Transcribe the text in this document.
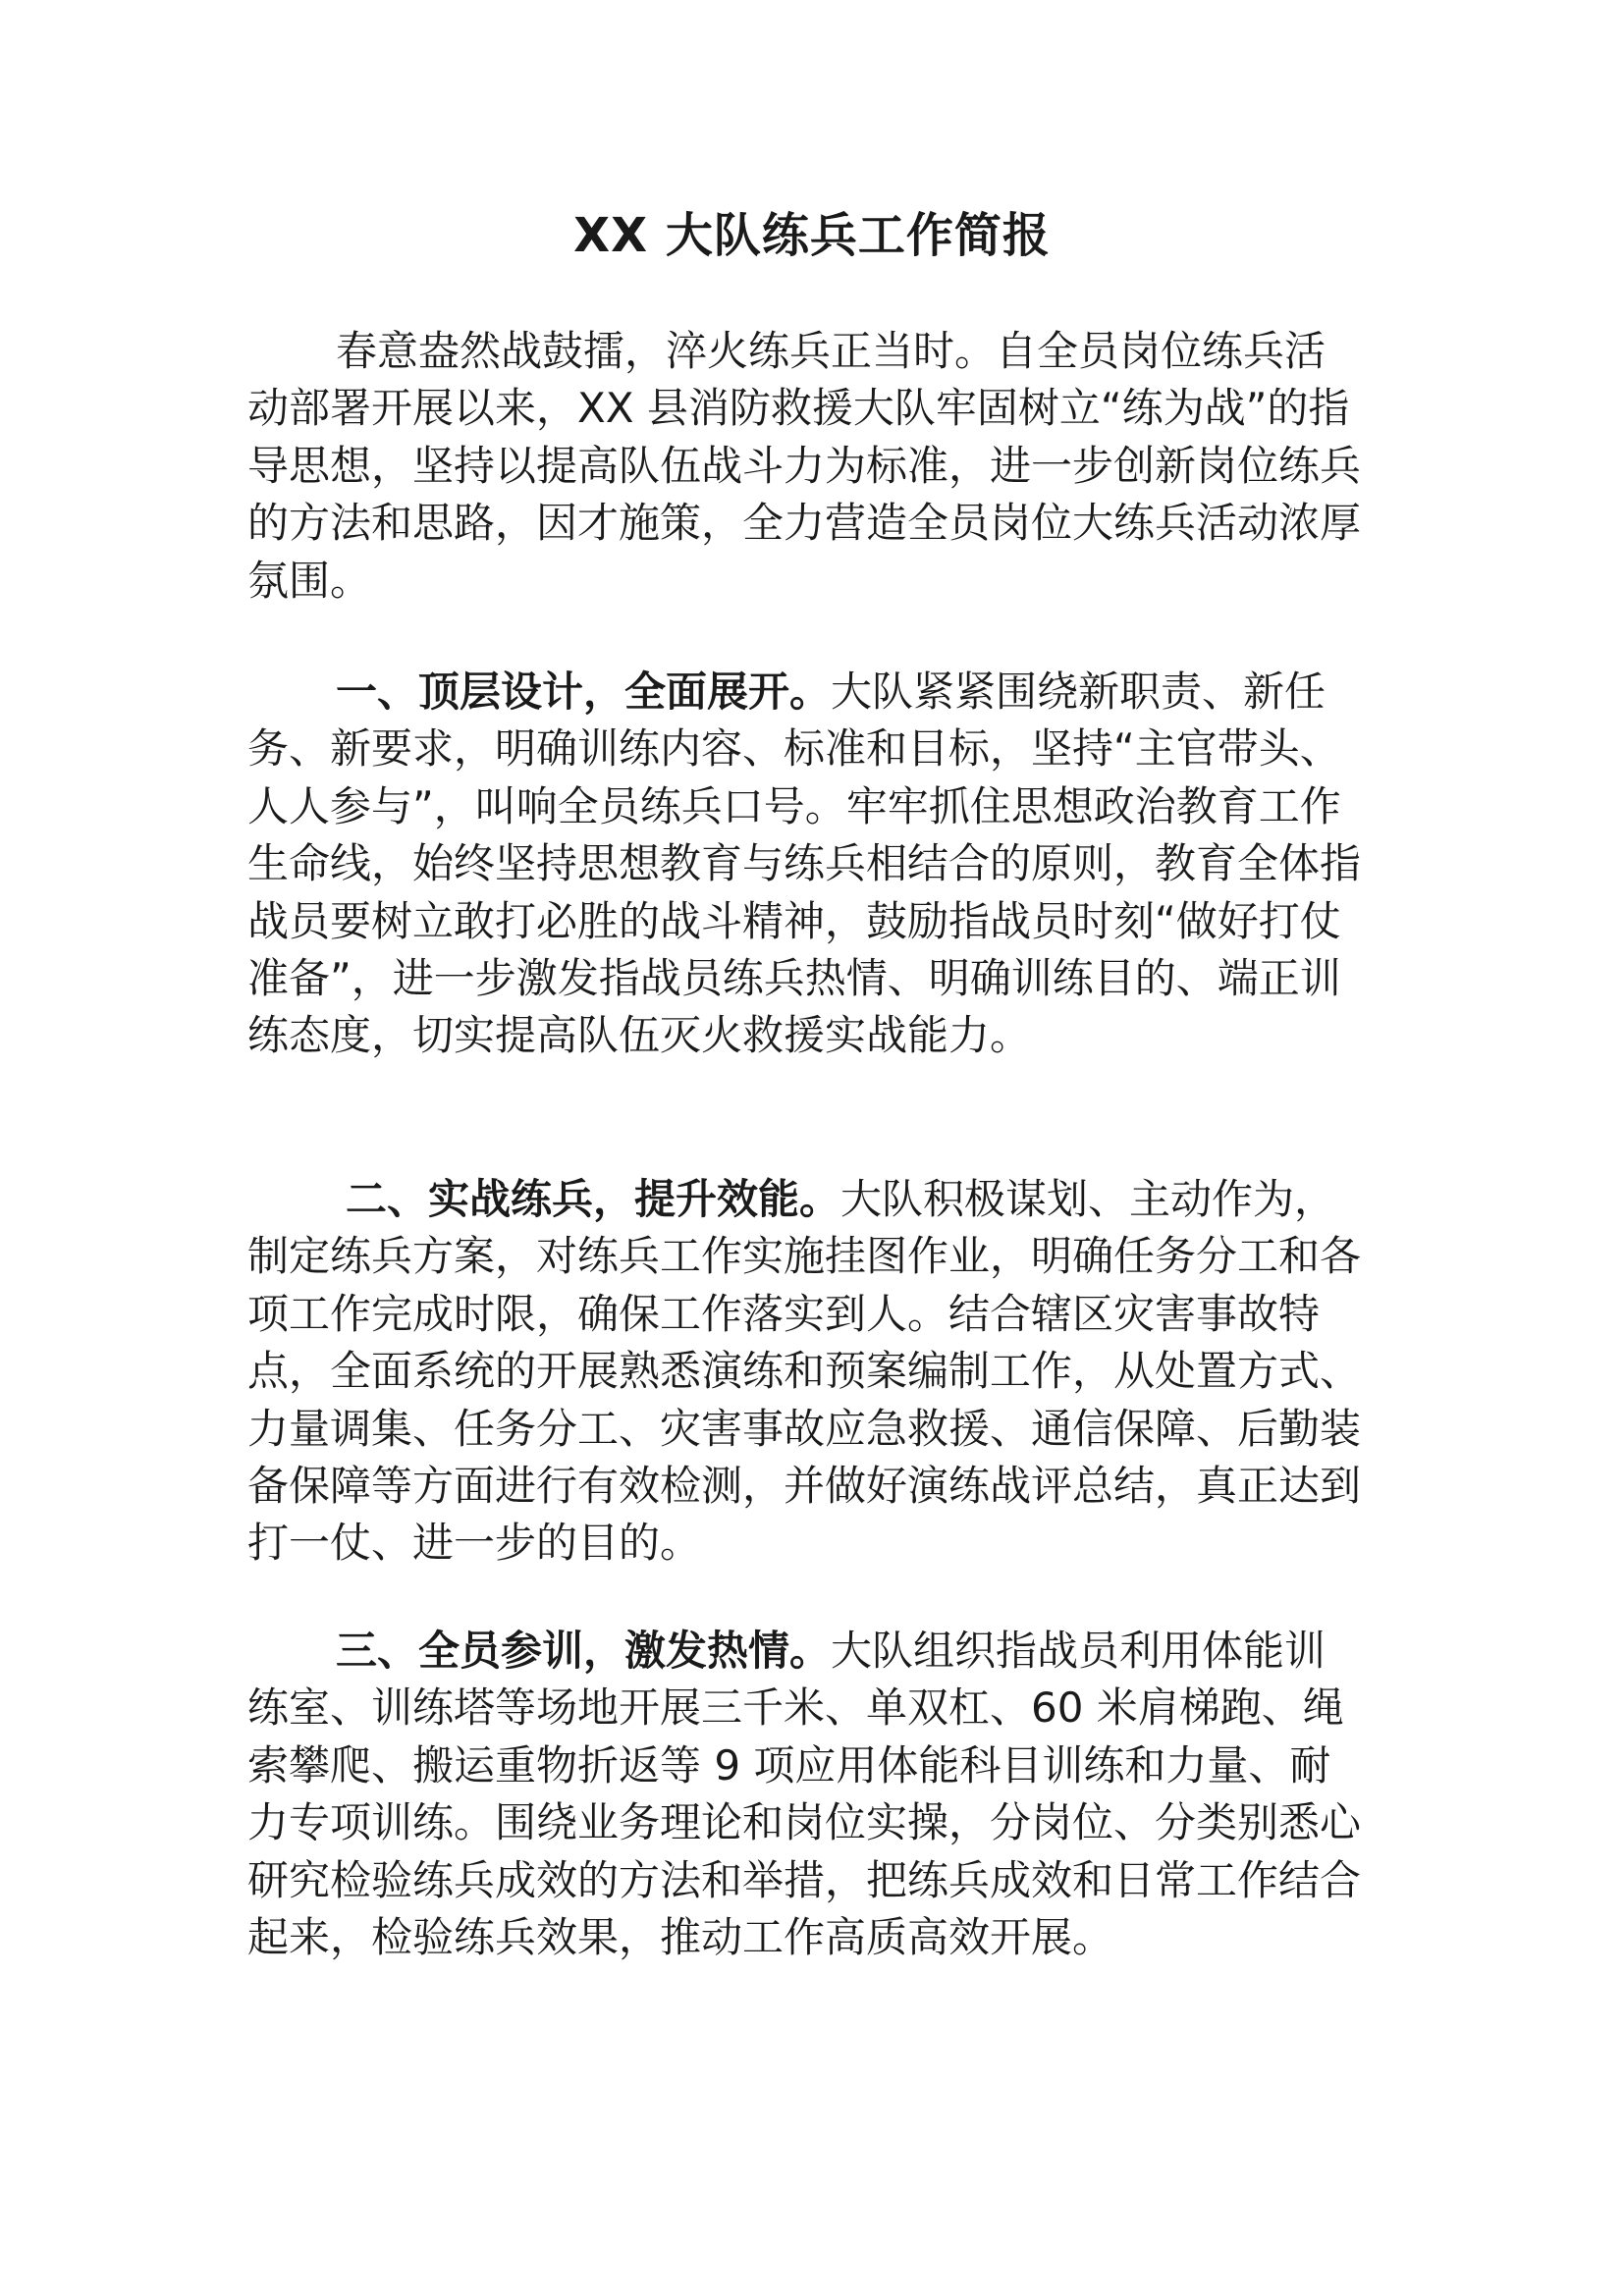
XX 大队练兵工作简报

春意盎然战鼓擂，淬火练兵正当时。自全员岗位练兵活动部署开展以来，XX 县消防救援大队牢固树立“练为战”的指导思想，坚持以提高队伍战斗力为标准，进一步创新岗位练兵的方法和思路，因才施策，全力营造全员岗位大练兵活动浓厚氛围。

一、顶层设计，全面展开。大队紧紧围绕新职责、新任务、新要求，明确训练内容、标准和目标，坚持“主官带头、人人参与”，叫响全员练兵口号。牢牢抓住思想政治教育工作生命线，始终坚持思想教育与练兵相结合的原则，教育全体指战员要树立敢打必胜的战斗精神，鼓励指战员时刻“做好打仗准备”，进一步激发指战员练兵热情、明确训练目的、端正训练态度，切实提高队伍灭火救援实战能力。

二、实战练兵，提升效能。大队积极谋划、主动作为，制定练兵方案，对练兵工作实施挂图作业，明确任务分工和各项工作完成时限，确保工作落实到人。结合辖区灾害事故特点，全面系统的开展熟悉演练和预案编制工作，从处置方式、力量调集、任务分工、灾害事故应急救援、通信保障、后勤装备保障等方面进行有效检测，并做好演练战评总结，真正达到打一仗、进一步的目的。

三、全员参训，激发热情。大队组织指战员利用体能训练室、训练塔等场地开展三千米、单双杠、60 米肩梯跑、绳索攀爬、搬运重物折返等 9 项应用体能科目训练和力量、耐力专项训练。围绕业务理论和岗位实操，分岗位、分类别悉心研究检验练兵成效的方法和举措，把练兵成效和日常工作结合起来，检验练兵效果，推动工作高质高效开展。
